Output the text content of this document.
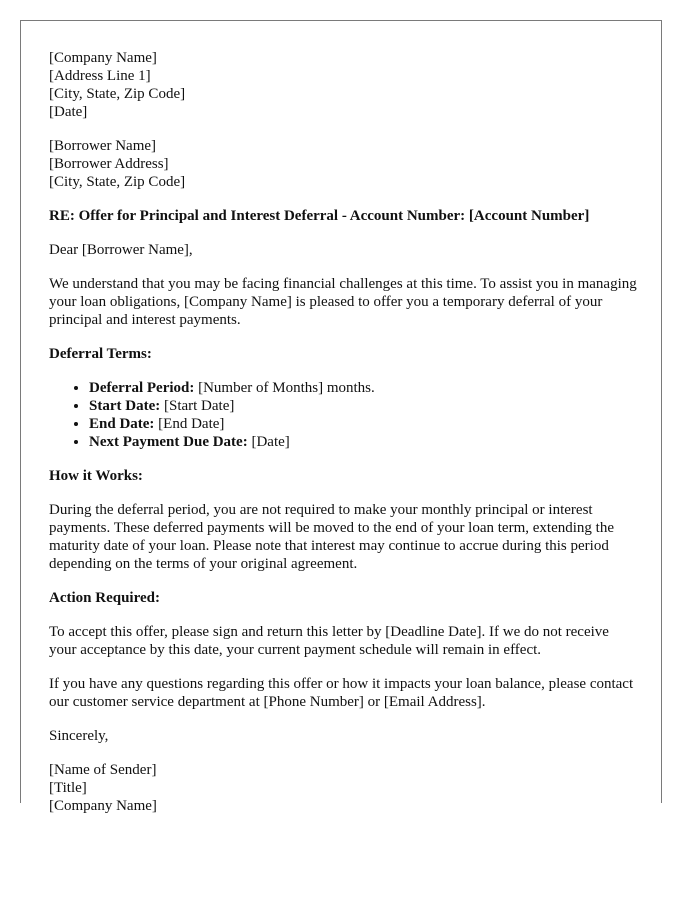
[Company Name]
[Address Line 1]
[City, State, Zip Code]
[Date]
[Borrower Name]
[Borrower Address]
[City, State, Zip Code]

RE: Offer for Principal and Interest Deferral - Account Number: [Account Number]

Dear [Borrower Name],

We understand that you may be facing financial challenges at this time. To assist you in managing your loan obligations, [Company Name] is pleased to offer you a temporary deferral of your principal and interest payments.

Deferral Terms:

• Deferral Period: [Number of Months] months.
• Start Date: [Start Date]
• End Date: [End Date]
• Next Payment Due Date: [Date]

How it Works:

During the deferral period, you are not required to make your monthly principal or interest payments. These deferred payments will be moved to the end of your loan term, extending the maturity date of your loan. Please note that interest may continue to accrue during this period depending on the terms of your original agreement.

Action Required:

To accept this offer, please sign and return this letter by [Deadline Date]. If we do not receive your acceptance by this date, your current payment schedule will remain in effect.

If you have any questions regarding this offer or how it impacts your loan balance, please contact our customer service department at [Phone Number] or [Email Address].

Sincerely,

[Name of Sender]
[Title]
[Company Name]
